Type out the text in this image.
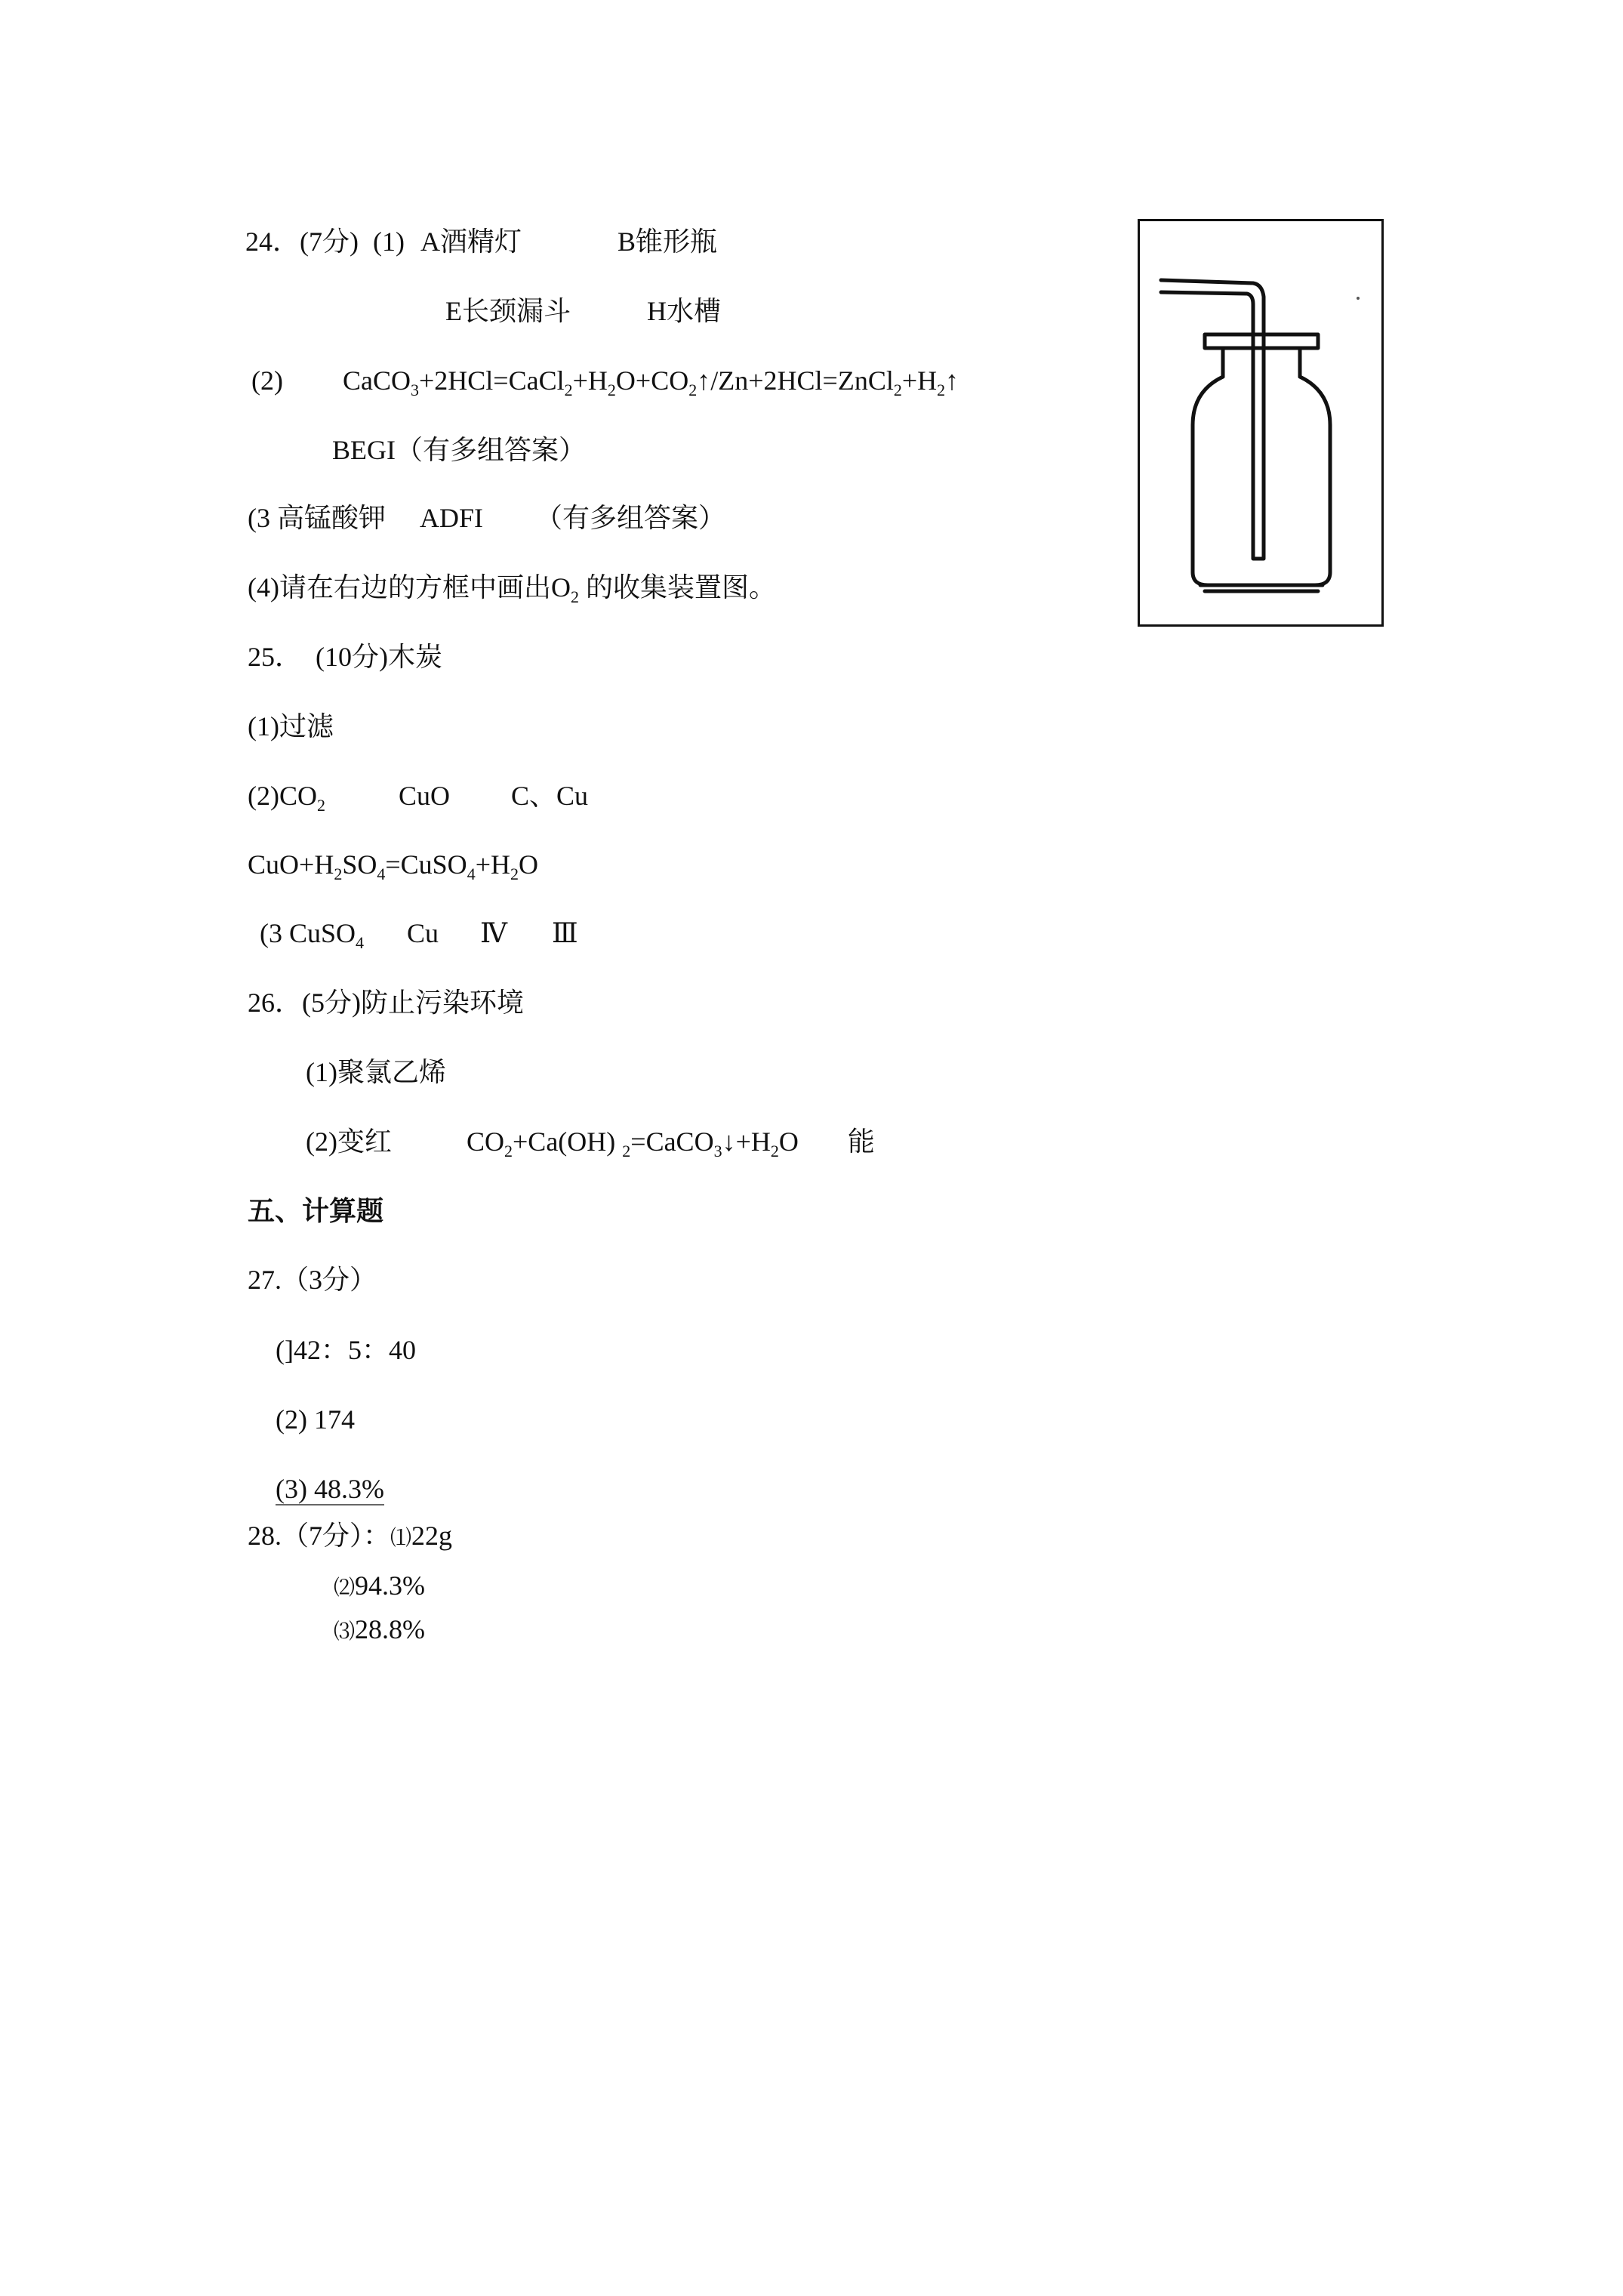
24．(7分) (1) A酒精灯	B锥形瓶
E长颈漏斗	H水槽
(2) $CaCO_3+2HCl=CaCl_2+H_2O+CO_2↑/Zn+2HCl=ZnCl_2+H_2↑$
BEGI（有多组答案）
(3 高锰酸钾 ADFI （有多组答案）
(4)请在右边的方框中画出$O_2$ 的收集装置图。
25．  (10分)木炭
(1)过滤
$(2)CO_2$	CuO C、Cu
$CuO+H_2SO_4=CuSO_4+H_2O$
(3 CuSO$_4$ Cu Ⅳ Ⅲ
26．(5分)防止污染环境
(1)聚氯乙烯
(2)变红	$CO_2+Ca(OH)$ $_2=CaCO_3↓+H_2O$ 能
五、计算题
27.（3分）
(]42：5：40
(2) 174
(3) 48.3%
28.（7分）：⑴22g
⑵94.3%
⑶28.8%
